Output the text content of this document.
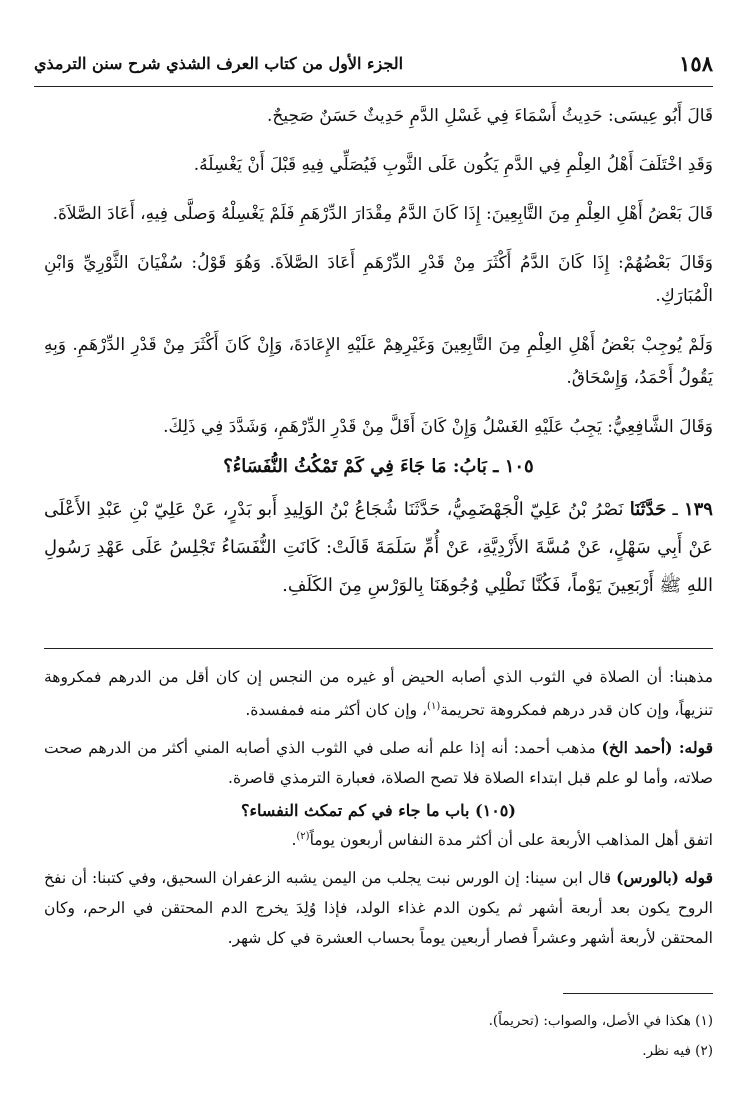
١٥٨
الجزء الأول من كتاب العرف الشذي شرح سنن الترمذي

قَالَ أَبُو عِيسَى: حَدِيثُ أَسْمَاءَ فِي غَسْلِ الدَّمِ حَدِيثٌ حَسَنٌ صَحِيحٌ.

وَقَدِ اخْتَلَفَ أَهْلُ العِلْمِ فِي الدَّمِ يَكُون عَلَى الثَّوبِ فَيُصَلِّي فِيهِ قَبْلَ أَنْ يَغْسِلَهُ.

قَالَ بَعْضُ أَهْلِ العِلْمِ مِنَ التَّابِعِينَ: إِذَا كَانَ الدَّمُ مِقْدَارَ الدِّرْهَمِ فَلَمْ يَغْسِلْهُ وَصلَّى فِيهِ، أَعَادَ الصَّلاَةَ.

وَقَالَ بَعْضُهُمْ: إِذَا كَانَ الدَّمُ أَكْثَرَ مِنْ قَدْرِ الدِّرْهَمِ أَعَادَ الصَّلاَةَ. وَهُوَ قَوْلُ: سُفْيَانَ الثَّوْرِيِّ وَابْنِ الْمُبَارَكِ.

وَلَمْ يُوجِبْ بَعْضُ أَهْلِ العِلْمِ مِنَ التَّابِعِينَ وَغَيْرِهِمْ عَلَيْهِ الإِعَادَةَ، وَإِنْ كَانَ أَكْثَرَ مِنْ قَدْرِ الدِّرْهَمِ. وَبِهِ يَقُولُ أَحْمَدُ، وَإِسْحَاقُ.

وَقَالَ الشَّافِعِيُّ: يَجِبُ عَلَيْهِ الغَسْلُ وَإِنْ كَانَ أَقَلَّ مِنْ قَدْرِ الدِّرْهَمِ، وَشَدَّدَ فِي ذَلِكَ.

١٠٥ ـ بَابُ: مَا جَاءَ فِي كَمْ تَمْكُثُ النُّفَسَاءُ؟

١٣٩ ـ حَدَّثَنَا نَصْرُ بْنُ عَلِيّ الْجَهْضَمِيُّ، حَدَّثَنَا شُجَاعُ بْنُ الوَلِيدِ أَبو بَدْرٍ، عَنْ عَلِيّ بْنِ عَبْدِ الأَعْلَى عَنْ أَبِي سَهْلٍ، عَنْ مُسَّةَ الأَزْدِيَّةِ، عَنْ أُمِّ سَلَمَةَ قَالَتْ: كَانَتِ النُّفَسَاءُ تَجْلِسُ عَلَى عَهْدِ رَسُولِ اللهِ ﷺ أَرْبَعِينَ يَوْماً، فَكُنَّا نَطْلِي وُجُوهَنَا بِالوَرْسِ مِنَ الكَلَفِ.

مذهبنا: أن الصلاة في الثوب الذي أصابه الحيض أو غيره من النجس إن كان أقل من الدرهم فمكروهة تنزيهاً، وإن كان قدر درهم فمكروهة تحريمة$^{(١)}$، وإن كان أكثر منه فمفسدة.

قوله: (أحمد الخ) مذهب أحمد: أنه إذا علم أنه صلى في الثوب الذي أصابه المني أكثر من الدرهم صحت صلاته، وأما لو علم قبل ابتداء الصلاة فلا تصح الصلاة، فعبارة الترمذي قاصرة.

(١٠٥) باب ما جاء في كم تمكث النفساء؟

اتفق أهل المذاهب الأربعة على أن أكثر مدة النفاس أربعون يوماً$^{(٢)}$.

قوله (بالورس) قال ابن سينا: إن الورس نبت يجلب من اليمن يشبه الزعفران السحيق، وفي كتبنا: أن نفخ الروح يكون بعد أربعة أشهر ثم يكون الدم غذاء الولد، فإذا وُلِدَ يخرج الدم المحتقن في الرحم، وكان المحتقن لأربعة أشهر وعشراً فصار أربعين يوماً بحساب العشرة في كل شهر.

(١) هكذا في الأصل، والصواب: (تحريماً).

(٢) فيه نظر.
